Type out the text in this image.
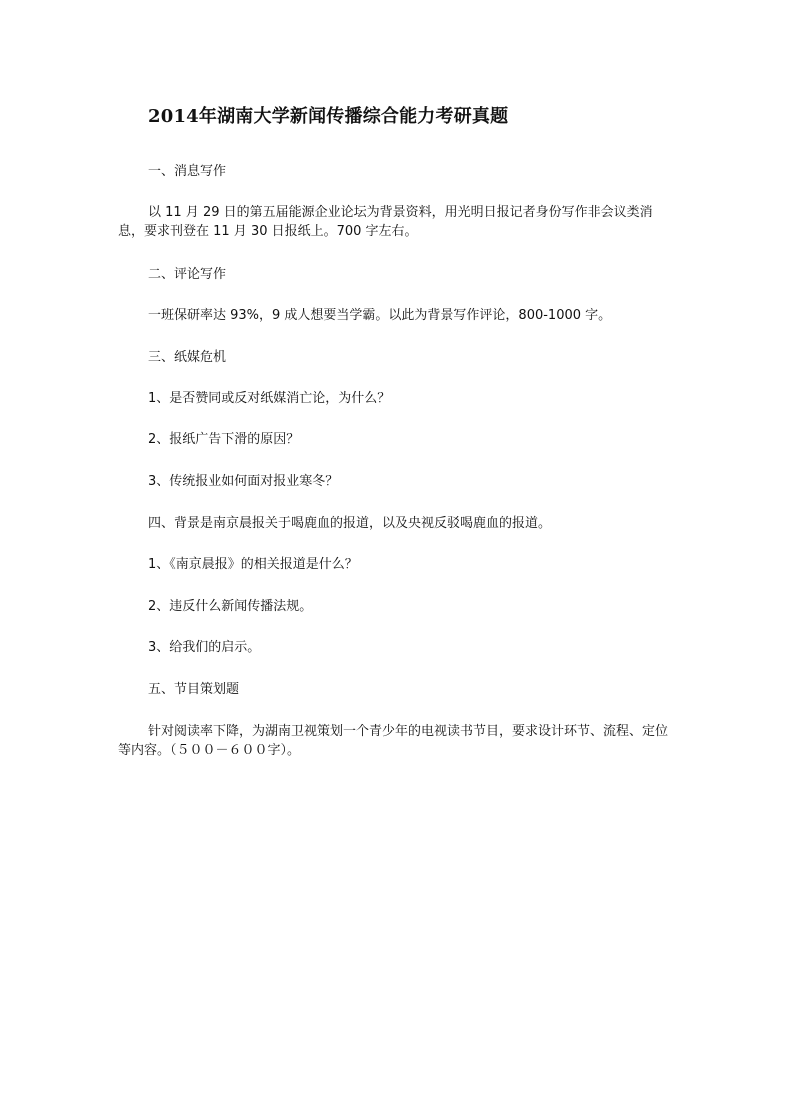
2014年湖南大学新闻传播综合能力考研真题

一、消息写作

以 11 月 29 日的第五届能源企业论坛为背景资料，用光明日报记者身份写作非会议类消息，要求刊登在 11 月 30 日报纸上。700 字左右。

二、评论写作

一班保研率达 93%，9 成人想要当学霸。以此为背景写作评论，800-1000 字。

三、纸媒危机

1、是否赞同或反对纸媒消亡论，为什么？

2、报纸广告下滑的原因？

3、传统报业如何面对报业寒冬？

四、背景是南京晨报关于喝鹿血的报道，以及央视反驳喝鹿血的报道。

1、《南京晨报》的相关报道是什么？

2、违反什么新闻传播法规。

3、给我们的启示。

五、节目策划题

针对阅读率下降，为湖南卫视策划一个青少年的电视读书节目，要求设计环节、流程、定位等内容。（５００－６００字）。
